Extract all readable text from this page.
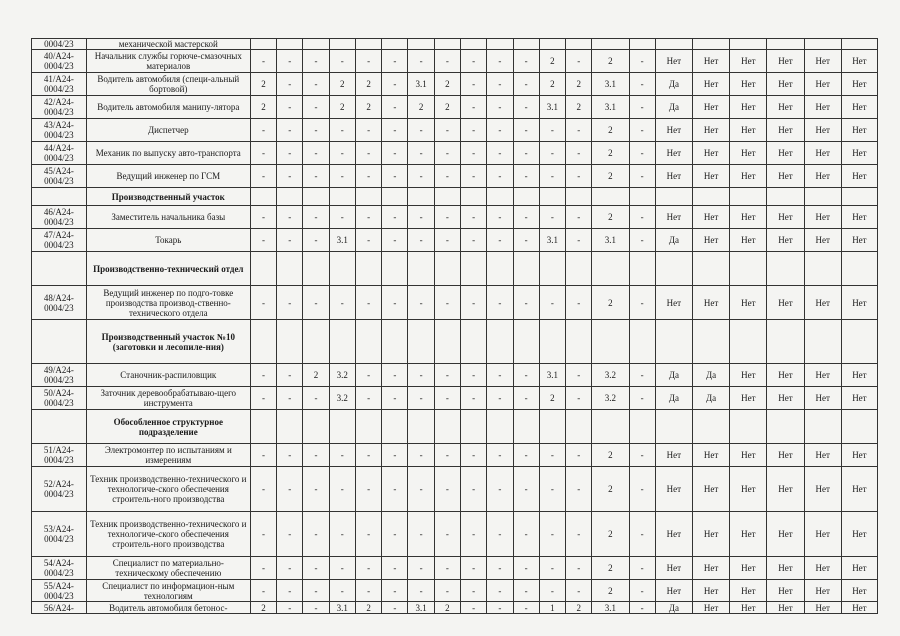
0004/23	механической мастерской																					
40/А24-0004/23	Начальник службы горюче-смазочных материалов	-	-	-	-	-	-	-	-	-	-	-	2	-	2	-	Нет	Нет	Нет	Нет	Нет	Нет
41/А24-0004/23	Водитель автомобиля (специ-альный бортовой)	2	-	-	2	2	-	3.1	2	-	-	-	2	2	3.1	-	Да	Нет	Нет	Нет	Нет	Нет
42/А24-0004/23	Водитель автомобиля манипу-лятора	2	-	-	2	2	-	2	2	-	-	-	3.1	2	3.1	-	Да	Нет	Нет	Нет	Нет	Нет
43/А24-0004/23	Диспетчер	-	-	-	-	-	-	-	-	-	-	-	-	-	2	-	Нет	Нет	Нет	Нет	Нет	Нет
44/А24-0004/23	Механик по выпуску авто-транспорта	-	-	-	-	-	-	-	-	-	-	-	-	-	2	-	Нет	Нет	Нет	Нет	Нет	Нет
45/А24-0004/23	Ведущий инженер по ГСМ	-	-	-	-	-	-	-	-	-	-	-	-	-	2	-	Нет	Нет	Нет	Нет	Нет	Нет
	Производственный участок																					
46/А24-0004/23	Заместитель начальника базы	-	-	-	-	-	-	-	-	-	-	-	-	-	2	-	Нет	Нет	Нет	Нет	Нет	Нет
47/А24-0004/23	Токарь	-	-	-	3.1	-	-	-	-	-	-	-	3.1	-	3.1	-	Да	Нет	Нет	Нет	Нет	Нет
	Производственно-технический отдел																					
48/А24-0004/23	Ведущий инженер по подго-товке производства производ-ственно-технического отдела	-	-	-	-	-	-	-	-	-	-	-	-	-	2	-	Нет	Нет	Нет	Нет	Нет	Нет
	Производственный участок №10 (заготовки и лесопиле-ния)																					
49/А24-0004/23	Станочник-распиловщик	-	-	2	3.2	-	-	-	-	-	-	-	3.1	-	3.2	-	Да	Да	Нет	Нет	Нет	Нет
50/А24-0004/23	Заточник деревообрабатываю-щего инструмента	-	-	-	3.2	-	-	-	-	-	-	-	2	-	3.2	-	Да	Да	Нет	Нет	Нет	Нет
	Обособленное структурное подразделение																					
51/А24-0004/23	Электромонтер по испытаниям и измерениям	-	-	-	-	-	-	-	-	-	-	-	-	-	2	-	Нет	Нет	Нет	Нет	Нет	Нет
52/А24-0004/23	Техник производственно-технического и технологиче-ского обеспечения строитель-ного производства	-	-	-	-	-	-	-	-	-	-	-	-	-	2	-	Нет	Нет	Нет	Нет	Нет	Нет
53/А24-0004/23	Техник производственно-технического и технологиче-ского обеспечения строитель-ного производства	-	-	-	-	-	-	-	-	-	-	-	-	-	2	-	Нет	Нет	Нет	Нет	Нет	Нет
54/А24-0004/23	Специалист по материально-техническому обеспечению	-	-	-	-	-	-	-	-	-	-	-	-	-	2	-	Нет	Нет	Нет	Нет	Нет	Нет
55/А24-0004/23	Специалист по информацион-ным технологиям	-	-	-	-	-	-	-	-	-	-	-	-	-	2	-	Нет	Нет	Нет	Нет	Нет	Нет
56/А24-	Водитель автомобиля бетонос-	2	-	-	3.1	2	-	3.1	2	-	-	-	1	2	3.1	-	Да	Нет	Нет	Нет	Нет	Нет
